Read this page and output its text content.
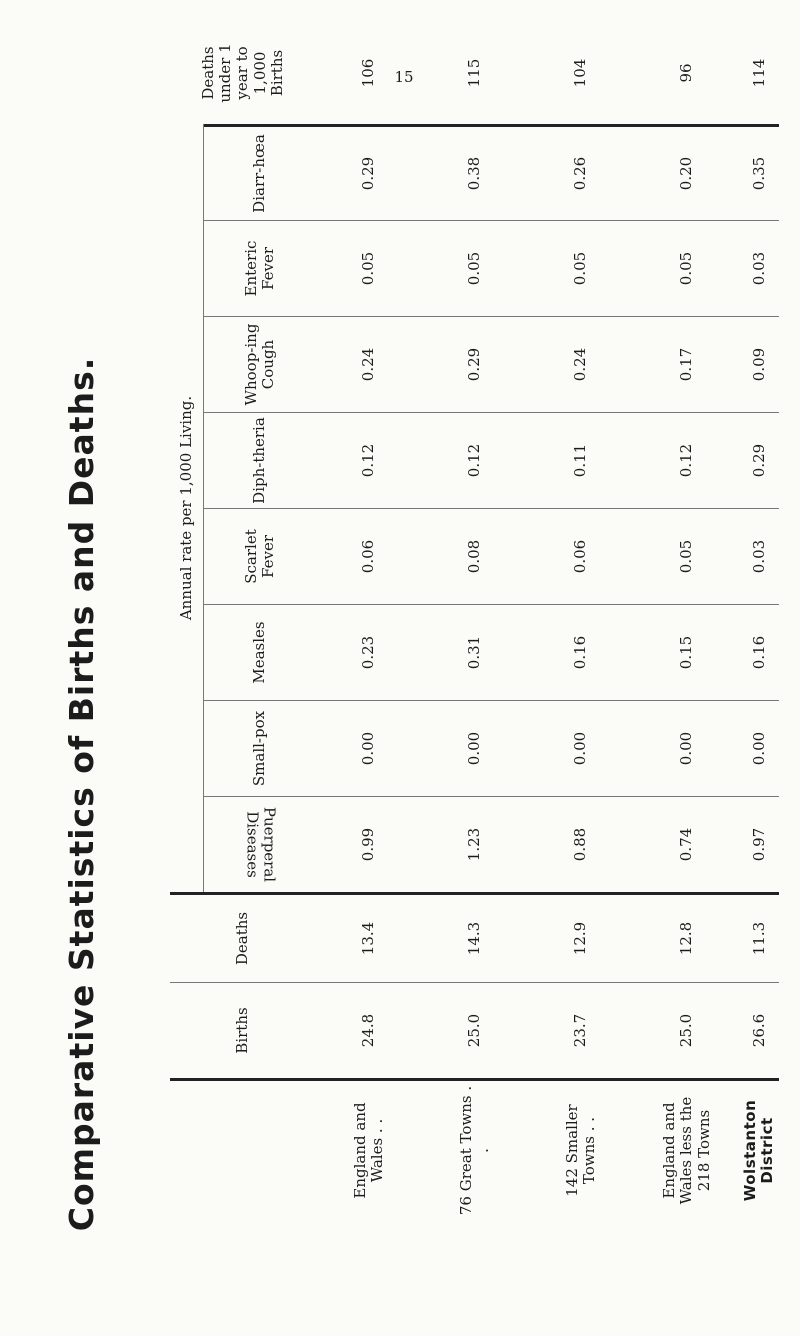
15
Comparative Statistics of Births and Deaths.	Births
Deaths
Annual rate per 1,000 Living.
Puerperal Diseases
Small-pox
Measles
Scarlet Fever
Diph-theria
Whoop-ing Cough
Enteric Fever
Diarr-hœa
Deaths under 1 year to 1,000 Births
England and Wales . .
24.8
13.4
0.99
0.00
0.23
0.06
0.12
0.24
0.05
0.29
106
76 Great Towns . .
25.0
14.3
1.23
0.00
0.31
0.08
0.12
0.29
0.05
0.38
115
142 Smaller Towns . .
23.7
12.9
0.88
0.00
0.16
0.06
0.11
0.24
0.05
0.26
104
England and Wales less the 218 Towns
25.0
12.8
0.74
0.00
0.15
0.05
0.12
0.17
0.05
0.20
96
Wolstanton District
26.6
11.3
0.97
0.00
0.16
0.03
0.29
0.09
0.03
0.35
114
